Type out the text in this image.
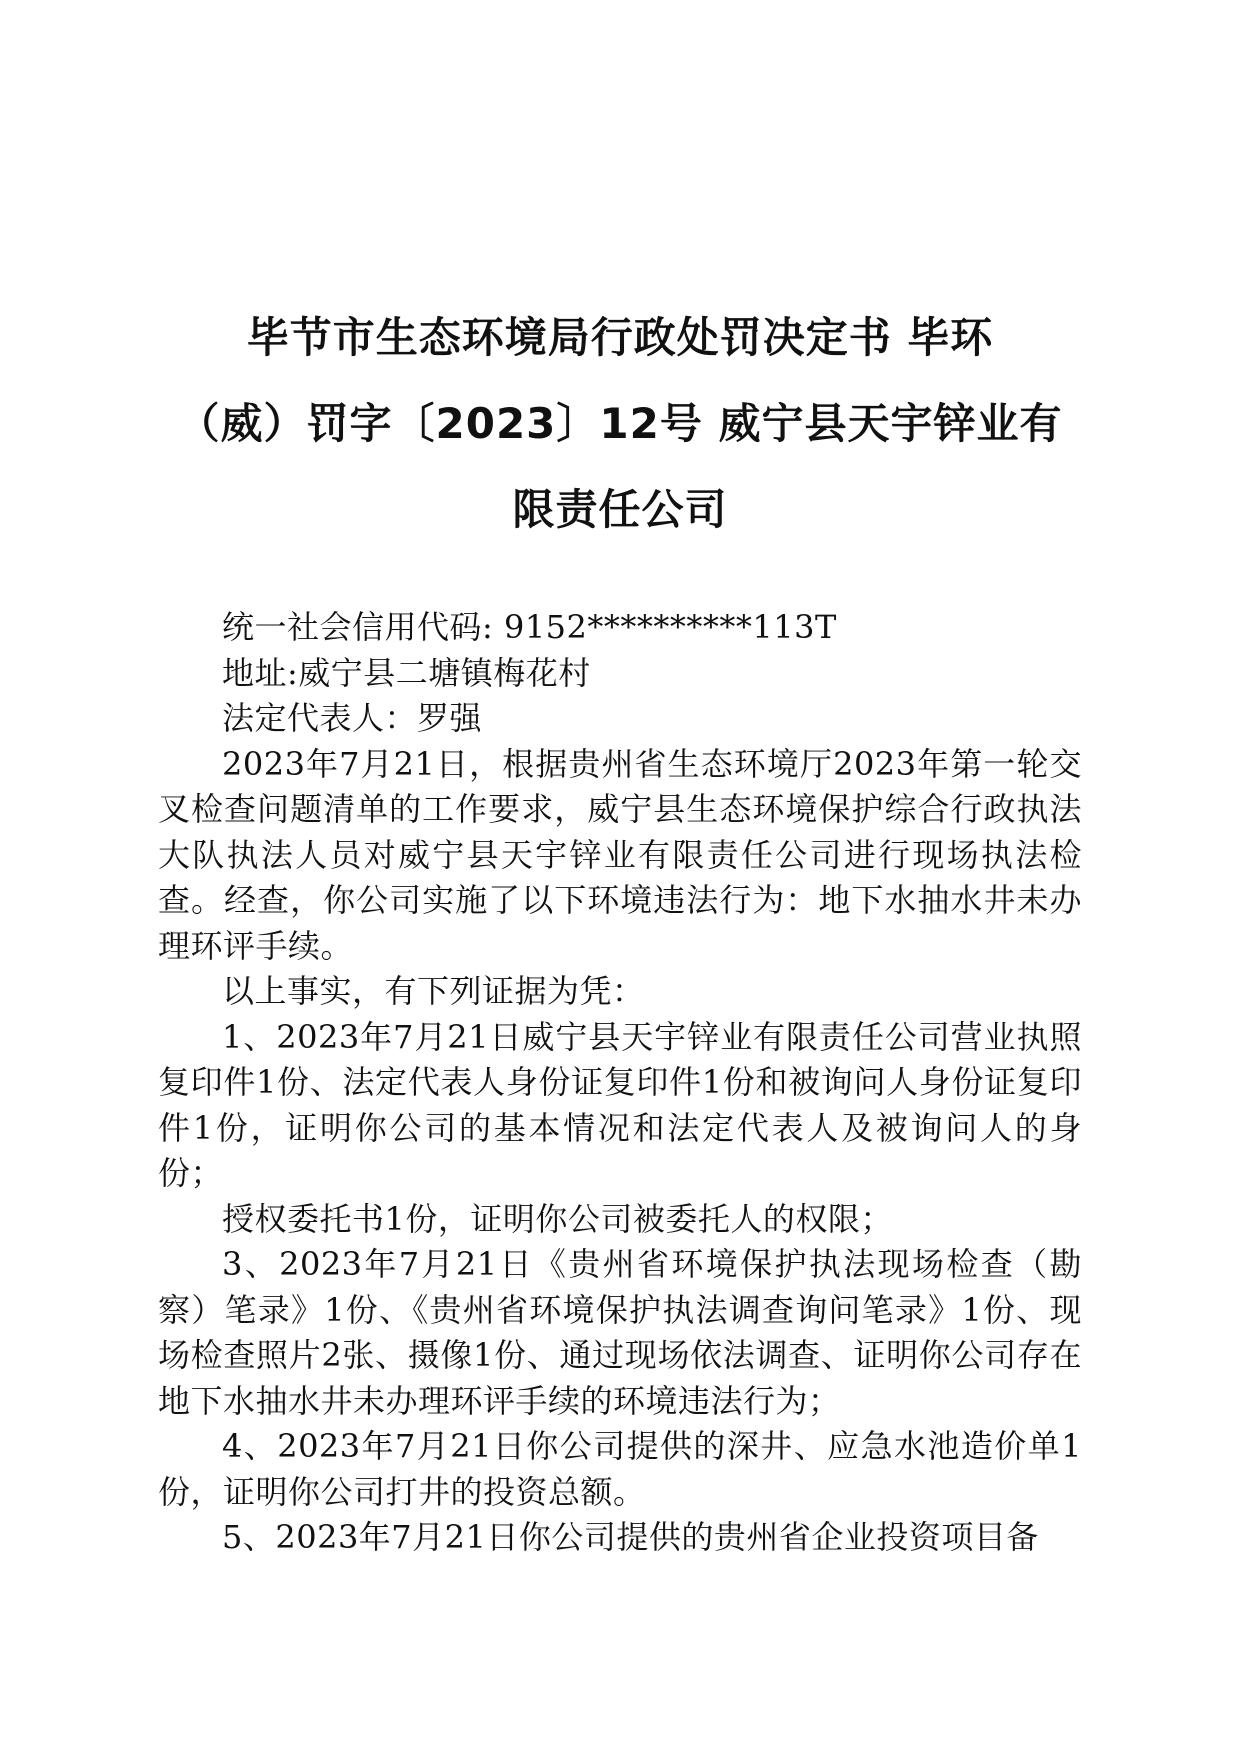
毕节市生态环境局行政处罚决定书 毕环
（威）罚字〔2023〕12号 威宁县天宇锌业有
限责任公司

统一社会信用代码: 9152**********113T

地址:威宁县二塘镇梅花村

法定代表人：罗强

2023年7月21日，根据贵州省生态环境厅2023年第一轮交叉检查问题清单的工作要求，威宁县生态环境保护综合行政执法大队执法人员对威宁县天宇锌业有限责任公司进行现场执法检查。经查，你公司实施了以下环境违法行为：地下水抽水井未办理环评手续。

以上事实，有下列证据为凭：

1、2023年7月21日威宁县天宇锌业有限责任公司营业执照复印件1份、法定代表人身份证复印件1份和被询问人身份证复印件1份，证明你公司的基本情况和法定代表人及被询问人的身份；

授权委托书1份，证明你公司被委托人的权限；

3、2023年7月21日《贵州省环境保护执法现场检查（勘察）笔录》1份、《贵州省环境保护执法调查询问笔录》1份、现场检查照片2张、摄像1份、通过现场依法调查、证明你公司存在地下水抽水井未办理环评手续的环境违法行为；

4、2023年7月21日你公司提供的深井、应急水池造价单1份，证明你公司打井的投资总额。

5、2023年7月21日你公司提供的贵州省企业投资项目备
